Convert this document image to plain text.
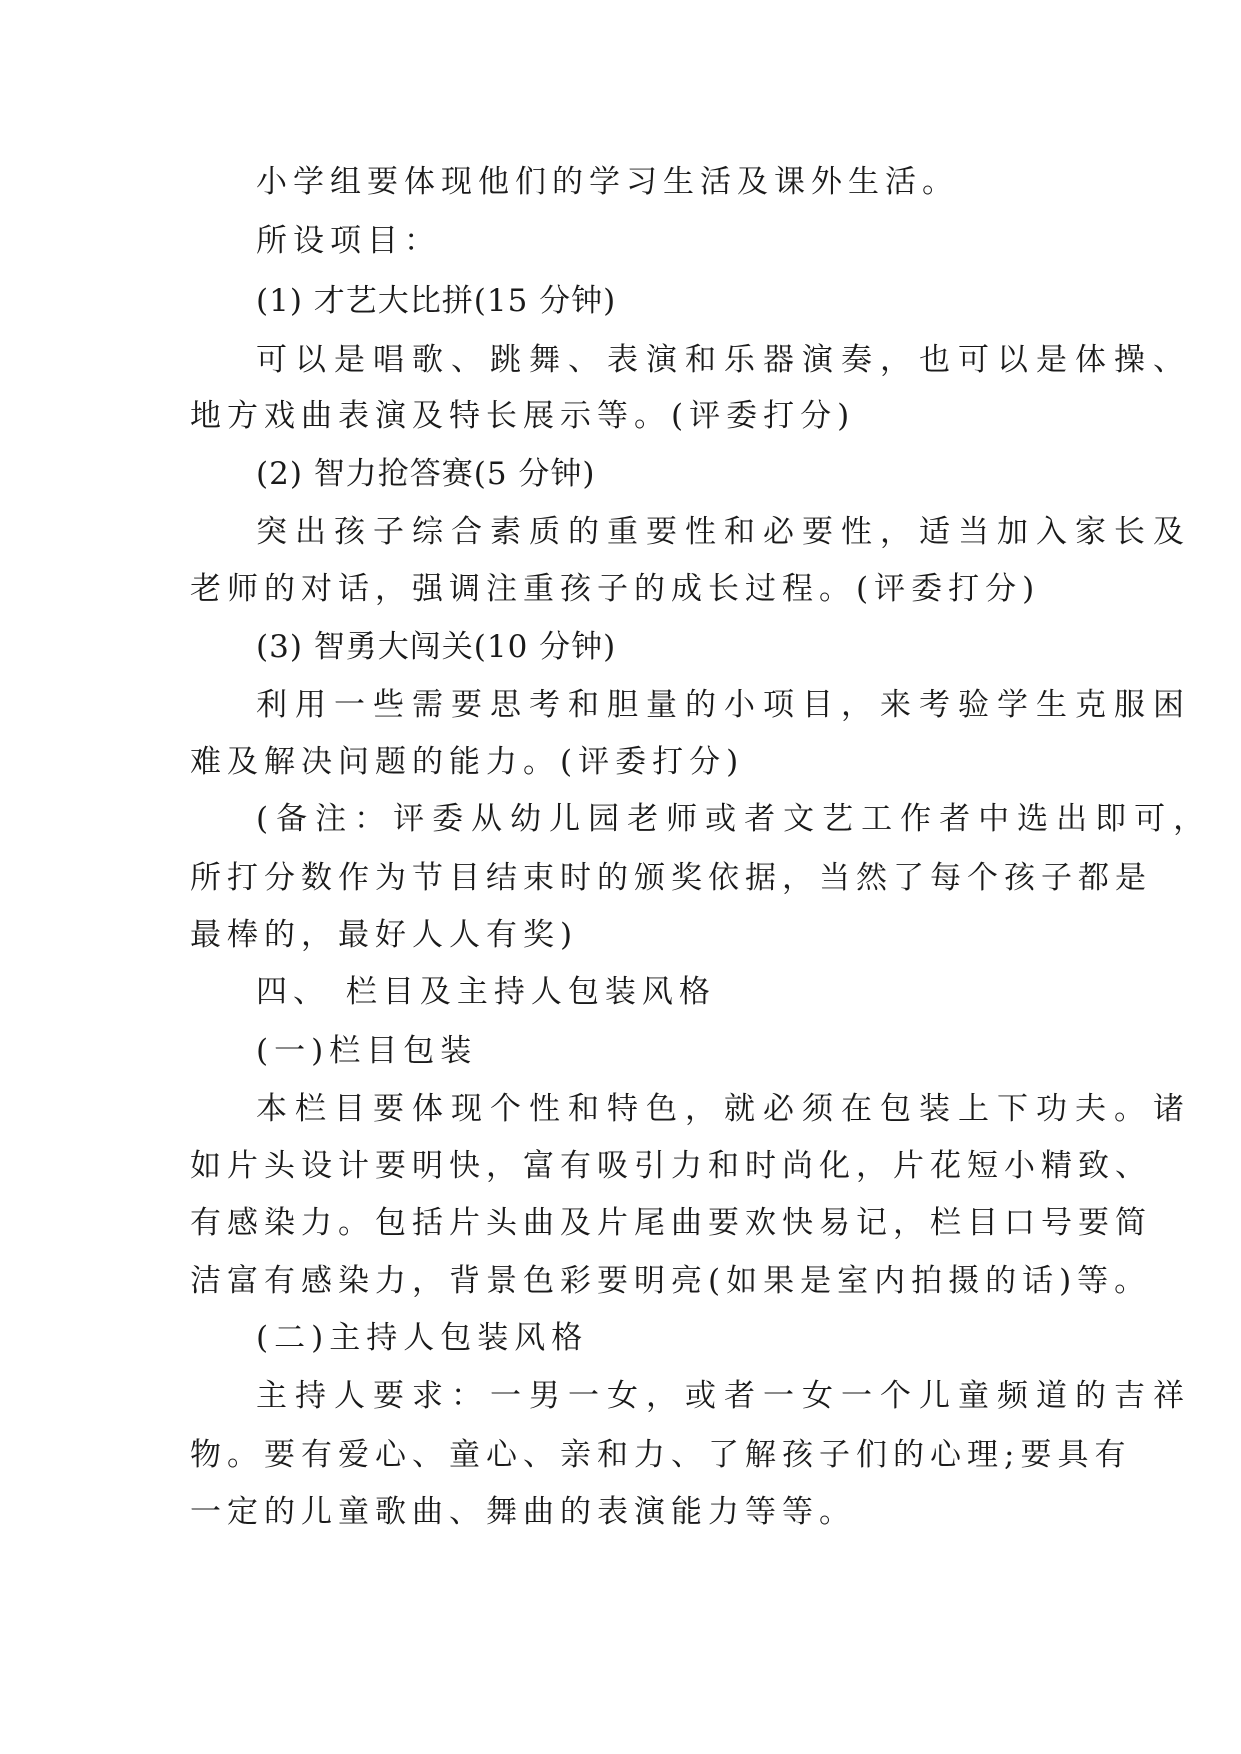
小学组要体现他们的学习生活及课外生活。

所设项目：

(1) 才艺大比拼(15 分钟)

可以是唱歌、跳舞、表演和乐器演奏，也可以是体操、

地方戏曲表演及特长展示等。(评委打分)

(2) 智力抢答赛(5 分钟)

突出孩子综合素质的重要性和必要性，适当加入家长及

老师的对话，强调注重孩子的成长过程。(评委打分)

(3) 智勇大闯关(10 分钟)

利用一些需要思考和胆量的小项目，来考验学生克服困

难及解决问题的能力。(评委打分)

(备注：评委从幼儿园老师或者文艺工作者中选出即可，

所打分数作为节目结束时的颁奖依据，当然了每个孩子都是

最棒的，最好人人有奖)

四、 栏目及主持人包装风格

(一)栏目包装

本栏目要体现个性和特色，就必须在包装上下功夫。诸

如片头设计要明快，富有吸引力和时尚化，片花短小精致、

有感染力。包括片头曲及片尾曲要欢快易记，栏目口号要简

洁富有感染力，背景色彩要明亮(如果是室内拍摄的话)等。

(二)主持人包装风格

主持人要求：一男一女，或者一女一个儿童频道的吉祥

物。要有爱心、童心、亲和力、了解孩子们的心理;要具有

一定的儿童歌曲、舞曲的表演能力等等。
